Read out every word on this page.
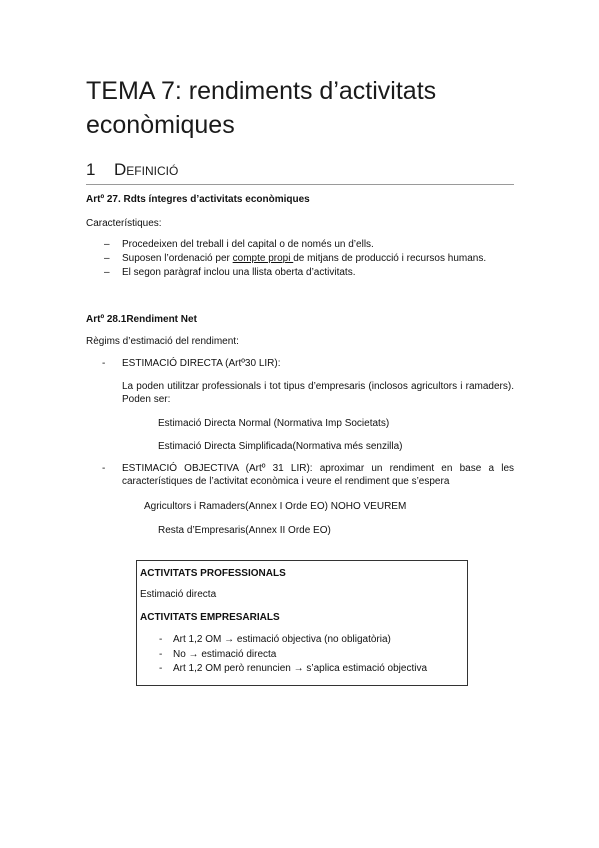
TEMA 7: rendiments d’activitats econòmiques
1 Definició
Artº 27. Rdts íntegres d’activitats econòmiques
Característiques:
– Procedeixen del treball i del capital o de només un d’ells.
– Suposen l’ordenació per compte propi de mitjans de producció i recursos humans.
– El segon paràgraf inclou una llista oberta d’activitats.
Artº 28.1Rendiment Net
Règims d’estimació del rendiment:
- ESTIMACIÓ DIRECTA (Artº30 LIR):
La poden utilitzar professionals i tot tipus d’empresaris (inclosos agricultors i ramaders). Poden ser:
Estimació Directa Normal (Normativa Imp Societats)
Estimació Directa Simplificada(Normativa més senzilla)
- ESTIMACIÓ OBJECTIVA (Artº 31 LIR): aproximar un rendiment en base a les característiques de l’activitat econòmica i veure el rendiment que s’espera
Agricultors i Ramaders(Annex I Orde EO) NOHO VEUREM
Resta d’Empresaris(Annex II Orde EO)
ACTIVITATS PROFESSIONALS
Estimació directa
ACTIVITATS EMPRESARIALS
- Art 1,2 OM → estimació objectiva (no obligatòria)
- No → estimació directa
- Art 1,2 OM però renuncien → s’aplica estimació objectiva
